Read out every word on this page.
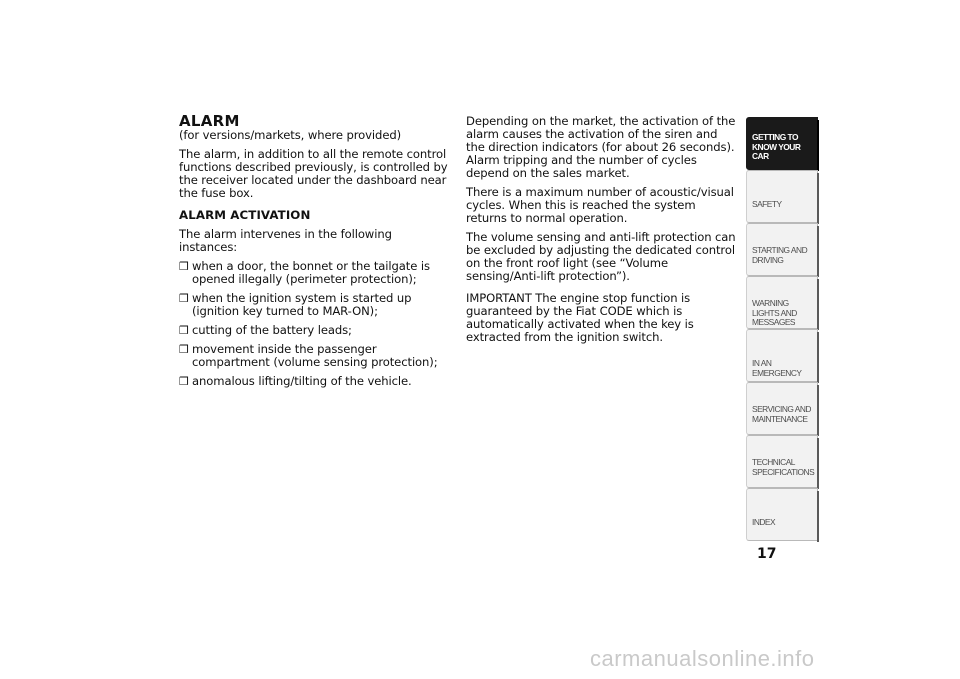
ALARM

(for versions/markets, where provided)

The alarm, in addition to all the remote control functions described previously, is controlled by the receiver located under the dashboard near the fuse box.

ALARM ACTIVATION

The alarm intervenes in the following instances:

❒ when a door, the bonnet or the tailgate is opened illegally (perimeter protection);
❒ when the ignition system is started up (ignition key turned to MAR-ON);
❒ cutting of the battery leads;
❒ movement inside the passenger compartment (volume sensing protection);
❒ anomalous lifting/tilting of the vehicle.

Depending on the market, the activation of the alarm causes the activation of the siren and the direction indicators (for about 26 seconds). Alarm tripping and the number of cycles depend on the sales market.

There is a maximum number of acoustic/visual cycles. When this is reached the system returns to normal operation.

The volume sensing and anti-lift protection can be excluded by adjusting the dedicated control on the front roof light (see “Volume sensing/Anti-lift protection”).

IMPORTANT The engine stop function is guaranteed by the Fiat CODE which is automatically activated when the key is extracted from the ignition switch.

GETTING TO KNOW YOUR CAR
SAFETY
STARTING AND DRIVING
WARNING LIGHTS AND MESSAGES
IN AN EMERGENCY
SERVICING AND MAINTENANCE
TECHNICAL SPECIFICATIONS
INDEX
17
carmanualsonline.info
